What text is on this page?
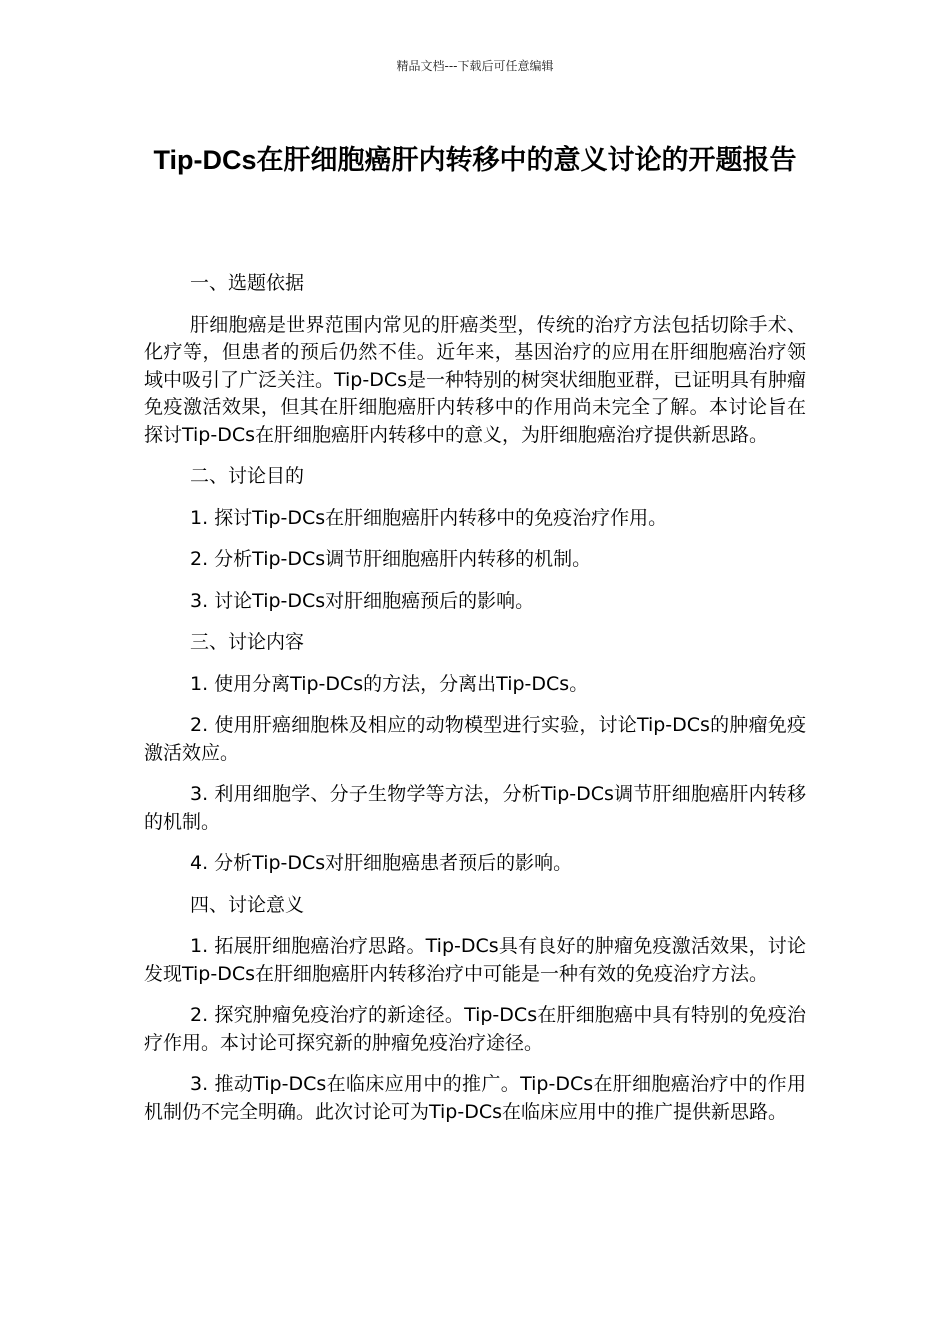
精品文档---下载后可任意编辑
Tip-DCs在肝细胞癌肝内转移中的意义讨论的开题报告

一、选题依据

肝细胞癌是世界范围内常见的肝癌类型，传统的治疗方法包括切除手术、化疗等，但患者的预后仍然不佳。近年来，基因治疗的应用在肝细胞癌治疗领域中吸引了广泛关注。Tip-DCs是一种特别的树突状细胞亚群，已证明具有肿瘤免疫激活效果，但其在肝细胞癌肝内转移中的作用尚未完全了解。本讨论旨在探讨Tip-DCs在肝细胞癌肝内转移中的意义，为肝细胞癌治疗提供新思路。

二、讨论目的

1. 探讨Tip-DCs在肝细胞癌肝内转移中的免疫治疗作用。

2. 分析Tip-DCs调节肝细胞癌肝内转移的机制。

3. 讨论Tip-DCs对肝细胞癌预后的影响。

三、讨论内容

1. 使用分离Tip-DCs的方法，分离出Tip-DCs。

2. 使用肝癌细胞株及相应的动物模型进行实验，讨论Tip-DCs的肿瘤免疫激活效应。

3. 利用细胞学、分子生物学等方法，分析Tip-DCs调节肝细胞癌肝内转移的机制。

4. 分析Tip-DCs对肝细胞癌患者预后的影响。

四、讨论意义

1. 拓展肝细胞癌治疗思路。Tip-DCs具有良好的肿瘤免疫激活效果，讨论发现Tip-DCs在肝细胞癌肝内转移治疗中可能是一种有效的免疫治疗方法。

2. 探究肿瘤免疫治疗的新途径。Tip-DCs在肝细胞癌中具有特别的免疫治疗作用。本讨论可探究新的肿瘤免疫治疗途径。

3. 推动Tip-DCs在临床应用中的推广。Tip-DCs在肝细胞癌治疗中的作用机制仍不完全明确。此次讨论可为Tip-DCs在临床应用中的推广提供新思路。
